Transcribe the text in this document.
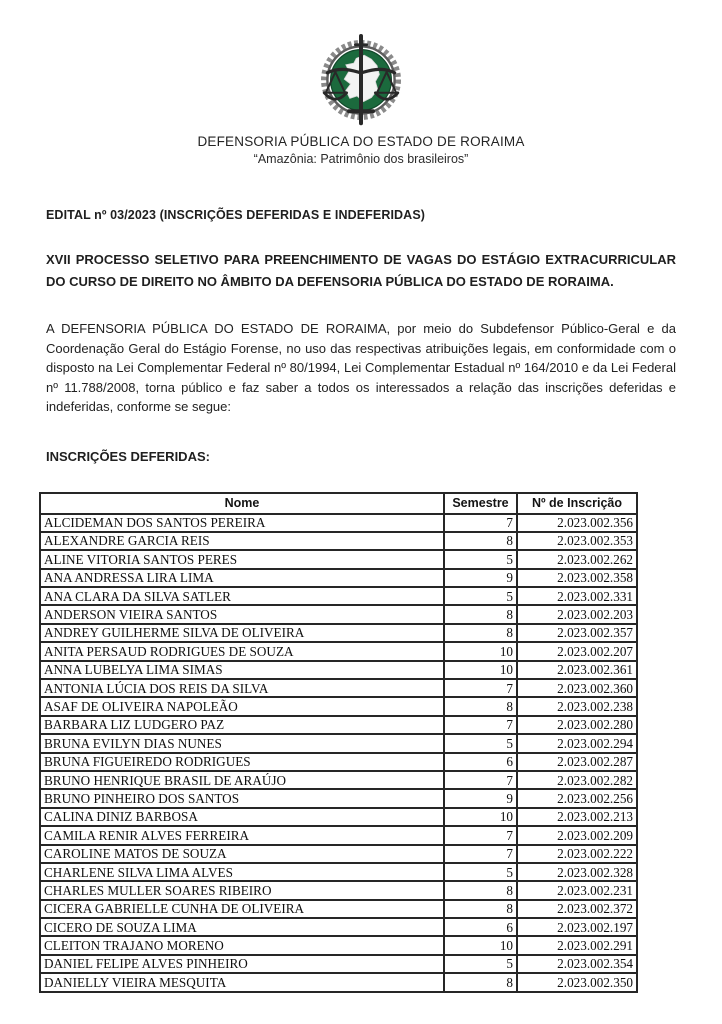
DEFENSORIA PÚBLICA DO ESTADO DE RORAIMA
“Amazônia: Patrimônio dos brasileiros”
EDITAL nº 03/2023 (INSCRIÇÕES DEFERIDAS E INDEFERIDAS)
XVII PROCESSO SELETIVO PARA PREENCHIMENTO DE VAGAS DO ESTÁGIO EXTRACURRICULAR DO CURSO DE DIREITO NO ÂMBITO DA DEFENSORIA PÚBLICA DO ESTADO DE RORAIMA.
A DEFENSORIA PÚBLICA DO ESTADO DE RORAIMA, por meio do Subdefensor Público-Geral e da Coordenação Geral do Estágio Forense, no uso das respectivas atribuições legais, em conformidade com o disposto na Lei Complementar Federal nº 80/1994, Lei Complementar Estadual nº 164/2010 e da Lei Federal nº 11.788/2008, torna público e faz saber a todos os interessados a relação das inscrições deferidas e indeferidas, conforme se segue:
INSCRIÇÕES DEFERIDAS:
Nome	Semestre	Nº de Inscrição
ALCIDEMAN DOS SANTOS PEREIRA	7	2.023.002.356
ALEXANDRE GARCIA REIS	8	2.023.002.353
ALINE VITORIA SANTOS PERES	5	2.023.002.262
ANA ANDRESSA LIRA LIMA	9	2.023.002.358
ANA CLARA DA SILVA SATLER	5	2.023.002.331
ANDERSON VIEIRA SANTOS	8	2.023.002.203
ANDREY GUILHERME SILVA DE OLIVEIRA	8	2.023.002.357
ANITA PERSAUD RODRIGUES DE SOUZA	10	2.023.002.207
ANNA LUBELYA LIMA SIMAS	10	2.023.002.361
ANTONIA LÚCIA DOS REIS DA SILVA	7	2.023.002.360
ASAF DE OLIVEIRA NAPOLEÃO	8	2.023.002.238
BARBARA LIZ LUDGERO PAZ	7	2.023.002.280
BRUNA EVILYN DIAS NUNES	5	2.023.002.294
BRUNA FIGUEIREDO RODRIGUES	6	2.023.002.287
BRUNO HENRIQUE BRASIL DE ARAÚJO	7	2.023.002.282
BRUNO PINHEIRO DOS SANTOS	9	2.023.002.256
CALINA DINIZ BARBOSA	10	2.023.002.213
CAMILA RENIR ALVES FERREIRA	7	2.023.002.209
CAROLINE MATOS DE SOUZA	7	2.023.002.222
CHARLENE SILVA LIMA ALVES	5	2.023.002.328
CHARLES MULLER SOARES RIBEIRO	8	2.023.002.231
CICERA GABRIELLE CUNHA DE OLIVEIRA	8	2.023.002.372
CICERO DE SOUZA LIMA	6	2.023.002.197
CLEITON TRAJANO MORENO	10	2.023.002.291
DANIEL FELIPE ALVES PINHEIRO	5	2.023.002.354
DANIELLY VIEIRA MESQUITA	8	2.023.002.350
